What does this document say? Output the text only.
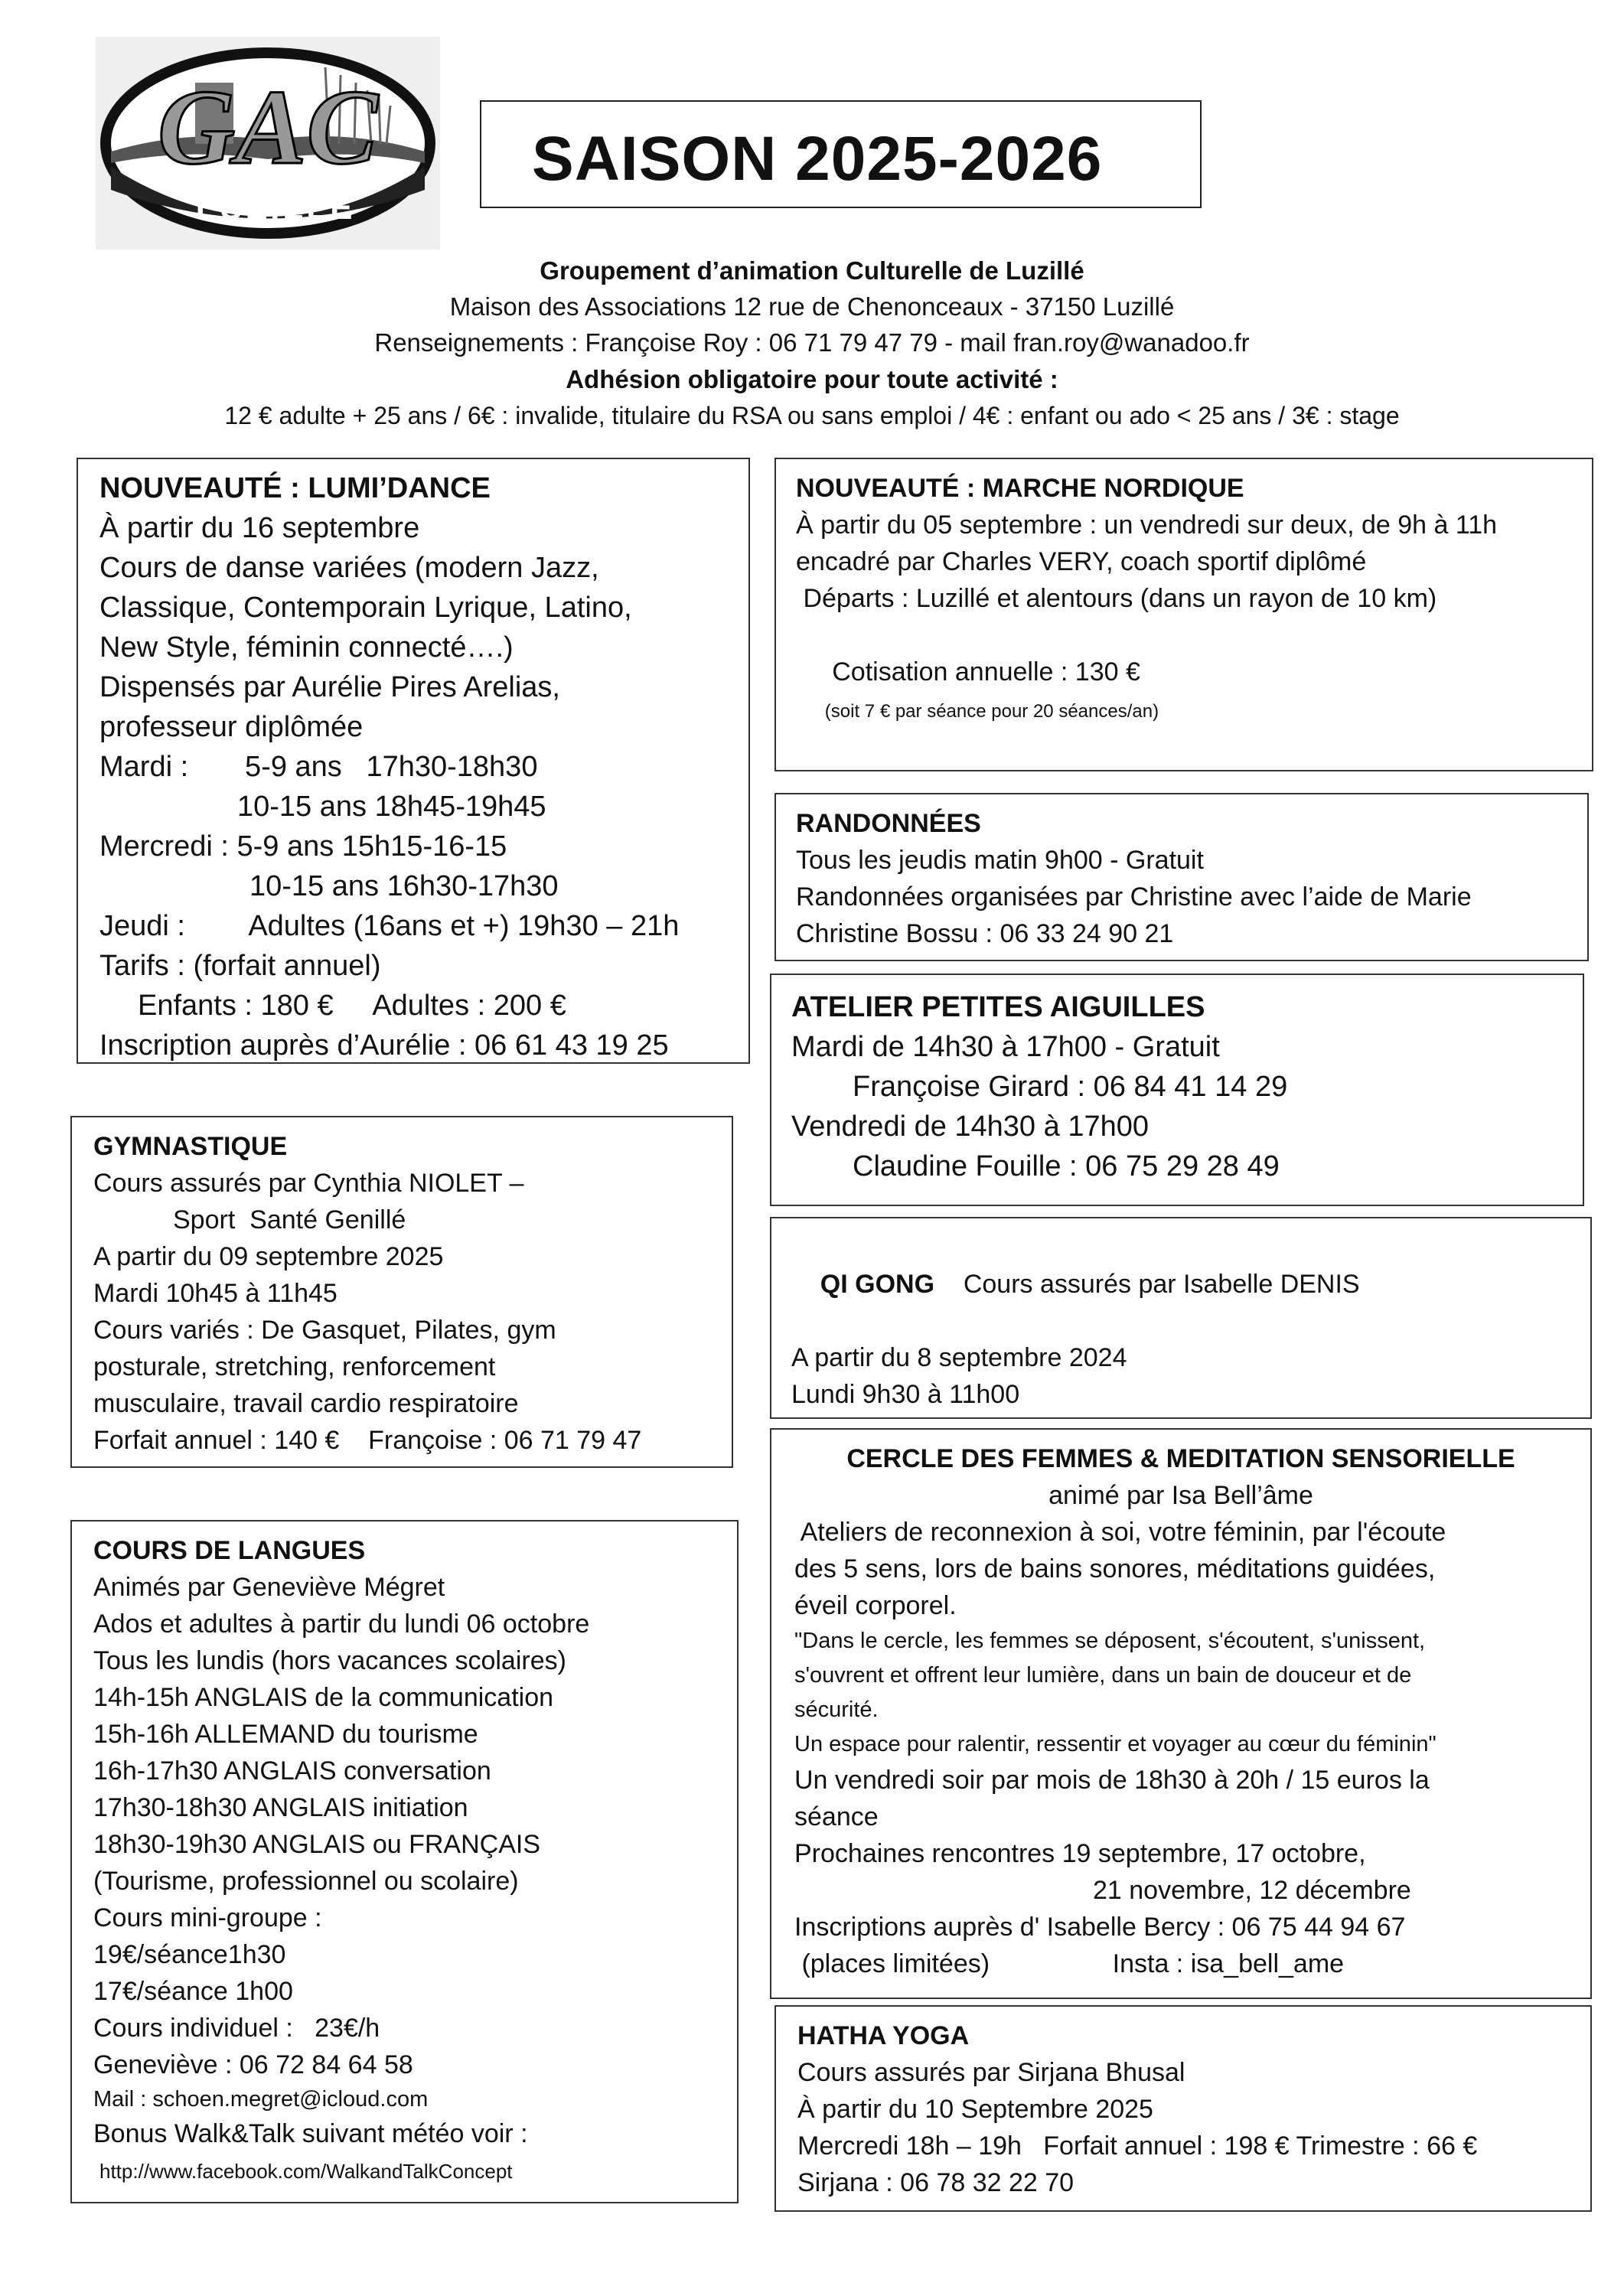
GAC
LUZILLÉ
SAISON 2025-2026
Groupement d’animation Culturelle de Luzillé
Maison des Associations 12 rue de Chenonceaux - 37150 Luzillé
Renseignements : Françoise Roy : 06 71 79 47 79 - mail fran.roy@wanadoo.fr
Adhésion obligatoire pour toute activité :
12 € adulte + 25 ans / 6€ : invalide, titulaire du RSA ou sans emploi / 4€ : enfant ou ado < 25 ans / 3€ : stage
NOUVEAUTÉ : LUMI’DANCE
À partir du 16 septembre
Cours de danse variées (modern Jazz,
Classique, Contemporain Lyrique, Latino,
New Style, féminin connecté….)
Dispensés par Aurélie Pires Arelias,
professeur diplômée
Mardi :       5-9 ans   17h30-18h30
10-15 ans 18h45-19h45
Mercredi : 5-9 ans 15h15-16-15
10-15 ans 16h30-17h30
Jeudi :        Adultes (16ans et +) 19h30 – 21h
Tarifs : (forfait annuel)
Enfants : 180 €     Adultes : 200 €
Inscription auprès d’Aurélie : 06 61 43 19 25
GYMNASTIQUE
Cours assurés par Cynthia NIOLET –
Sport  Santé Genillé
A partir du 09 septembre 2025
Mardi 10h45 à 11h45
Cours variés : De Gasquet, Pilates, gym
posturale, stretching, renforcement
musculaire, travail cardio respiratoire
Forfait annuel : 140 €    Françoise : 06 71 79 47
COURS DE LANGUES
Animés par Geneviève Mégret
Ados et adultes à partir du lundi 06 octobre
Tous les lundis (hors vacances scolaires)
14h-15h ANGLAIS de la communication
15h-16h ALLEMAND du tourisme
16h-17h30 ANGLAIS conversation
17h30-18h30 ANGLAIS initiation
18h30-19h30 ANGLAIS ou FRANÇAIS
(Tourisme, professionnel ou scolaire)
Cours mini-groupe :
19€/séance1h30
17€/séance 1h00
Cours individuel :   23€/h
Geneviève : 06 72 84 64 58
Mail : schoen.megret@icloud.com
Bonus Walk&Talk suivant météo voir :
http://www.facebook.com/WalkandTalkConcept
NOUVEAUTÉ : MARCHE NORDIQUE
À partir du 05 septembre : un vendredi sur deux, de 9h à 11h
encadré par Charles VERY, coach sportif diplômé
Départs : Luzillé et alentours (dans un rayon de 10 km)

Cotisation annuelle : 130 €
(soit 7 € par séance pour 20 séances/an)

RANDONNÉES
Tous les jeudis matin 9h00 - Gratuit
Randonnées organisées par Christine avec l’aide de Marie
Christine Bossu : 06 33 24 90 21
ATELIER PETITES AIGUILLES
Mardi de 14h30 à 17h00 - Gratuit
Françoise Girard : 06 84 41 14 29
Vendredi de 14h30 à 17h00
Claudine Fouille : 06 75 29 28 49

QI GONG Cours assurés par Isabelle DENIS

A partir du 8 septembre 2024
Lundi 9h30 à 11h00
CERCLE DES FEMMES & MEDITATION SENSORIELLE
animé par Isa Bell’âme
Ateliers de reconnexion à soi, votre féminin, par l'écoute
des 5 sens, lors de bains sonores, méditations guidées,
éveil corporel.
"Dans le cercle, les femmes se déposent, s'écoutent, s'unissent,
s'ouvrent et offrent leur lumière, dans un bain de douceur et de
sécurité.
Un espace pour ralentir, ressentir et voyager au cœur du féminin"
Un vendredi soir par mois de 18h30 à 20h / 15 euros la
séance
Prochaines rencontres 19 septembre, 17 octobre,
21 novembre, 12 décembre
Inscriptions auprès d' Isabelle Bercy : 06 75 44 94 67
(places limitées)                 Insta : isa_bell_ame
HATHA YOGA
Cours assurés par Sirjana Bhusal
À partir du 10 Septembre 2025
Mercredi 18h – 19h   Forfait annuel : 198 € Trimestre : 66 €
Sirjana : 06 78 32 22 70
